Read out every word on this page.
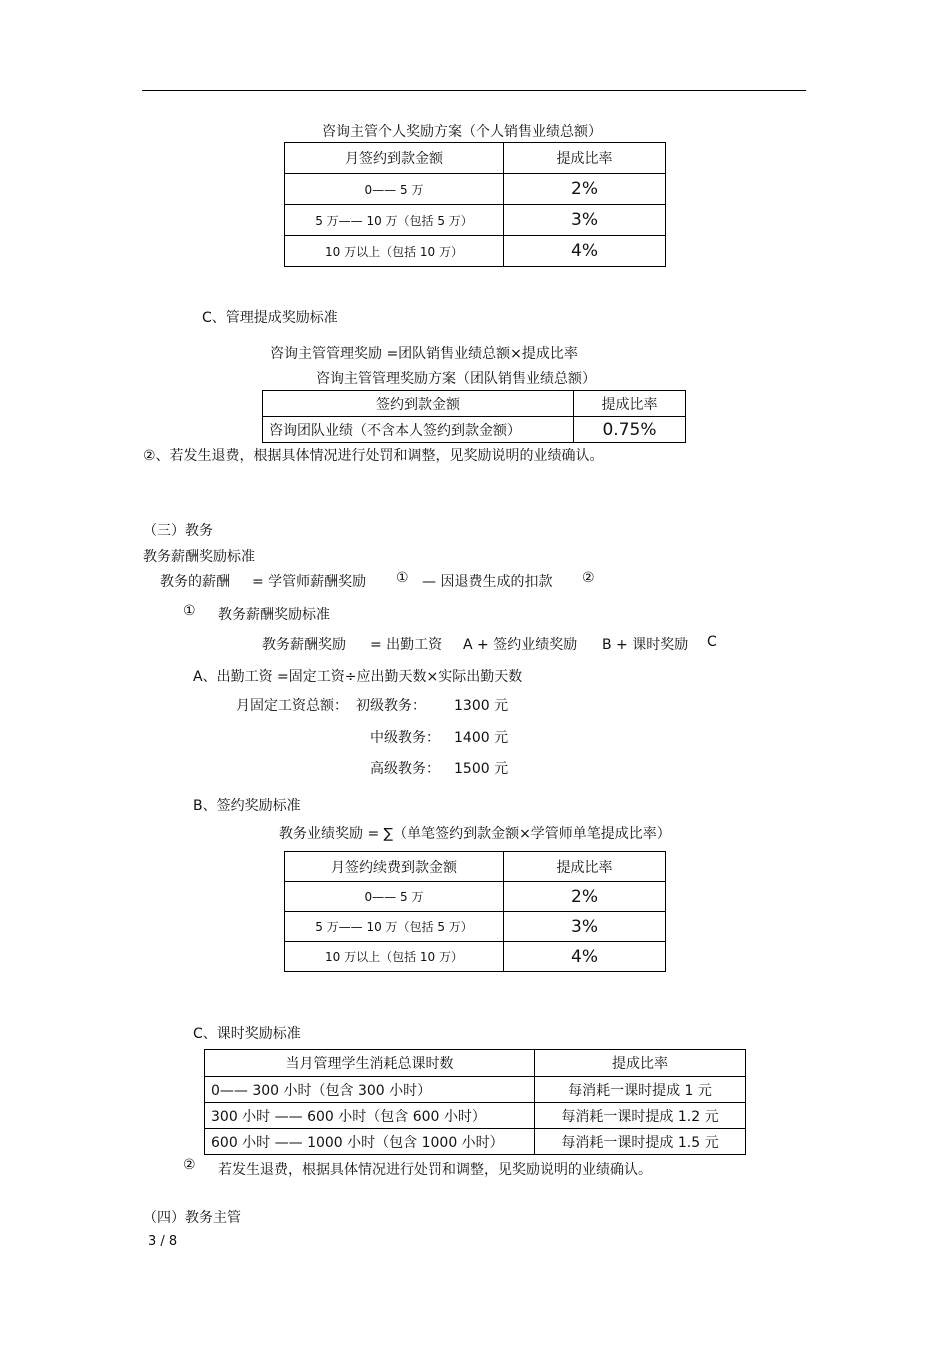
咨询主管个人奖励方案（个人销售业绩总额）
月签约到款金额	提成比率
0—— 5 万	2%
5 万—— 10 万（包括 5 万）	3%
10 万以上（包括 10 万）	4%
C、管理提成奖励标准
咨询主管管理奖励 =团队销售业绩总额×提成比率
咨询主管管理奖励方案（团队销售业绩总额）
签约到款金额	提成比率
咨询团队业绩（不含本人签约到款金额）	0.75%
②、若发生退费，根据具体情况进行处罚和调整，见奖励说明的业绩确认。
（三）教务
教务薪酬奖励标准
教务的薪酬 = 学管师薪酬奖励 ① — 因退费生成的扣款 ②
① 教务薪酬奖励标准
教务薪酬奖励 = 出勤工资 A + 签约业绩奖励 B + 课时奖励 C
A、出勤工资 =固定工资÷应出勤天数×实际出勤天数
月固定工资总额： 初级教务： 1300 元
中级教务： 1400 元
高级教务： 1500 元
B、签约奖励标准
教务业绩奖励 = ∑（单笔签约到款金额×学管师单笔提成比率）
月签约续费到款金额	提成比率
0—— 5 万	2%
5 万—— 10 万（包括 5 万）	3%
10 万以上（包括 10 万）	4%
C、课时奖励标准
当月管理学生消耗总课时数	提成比率
0—— 300 小时（包含 300 小时）	每消耗一课时提成 1 元
300 小时 —— 600 小时（包含 600 小时）	每消耗一课时提成 1.2 元
600 小时 —— 1000 小时（包含 1000 小时）	每消耗一课时提成 1.5 元
② 若发生退费，根据具体情况进行处罚和调整，见奖励说明的业绩确认。
（四）教务主管
3 / 8
